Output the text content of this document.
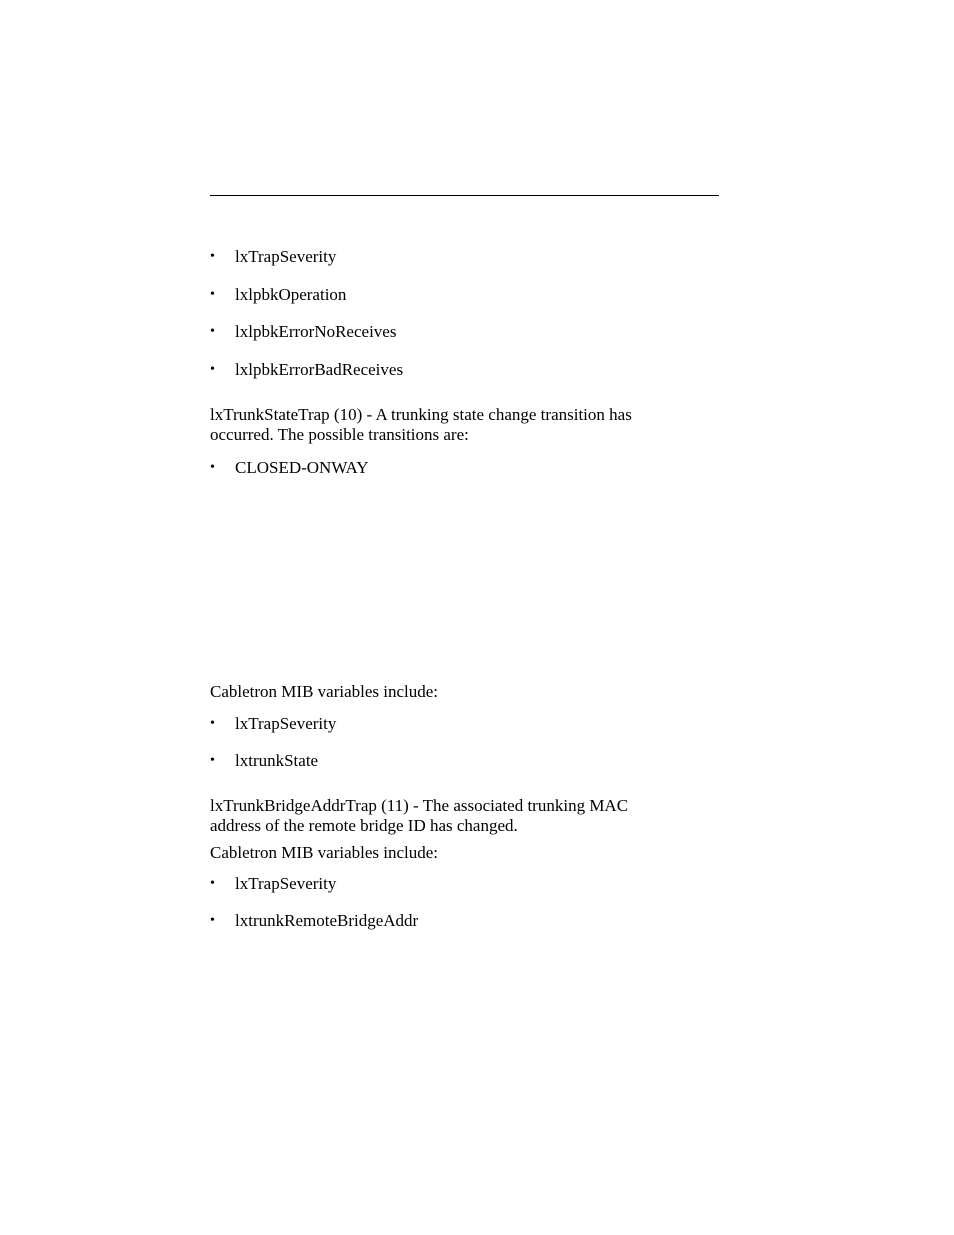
•	lxTrapSeverity
•	lxlpbkOperation
•	lxlpbkErrorNoReceives
•	lxlpbkErrorBadReceives
lxTrunkStateTrap (10) - A trunking state change transition has
occurred. The possible transitions are:
•	CLOSED-ONWAY
Cabletron MIB variables include:
•	lxTrapSeverity
•	lxtrunkState
lxTrunkBridgeAddrTrap (11) - The associated trunking MAC
address of the remote bridge ID has changed.
Cabletron MIB variables include:
•	lxTrapSeverity
•	lxtrunkRemoteBridgeAddr
